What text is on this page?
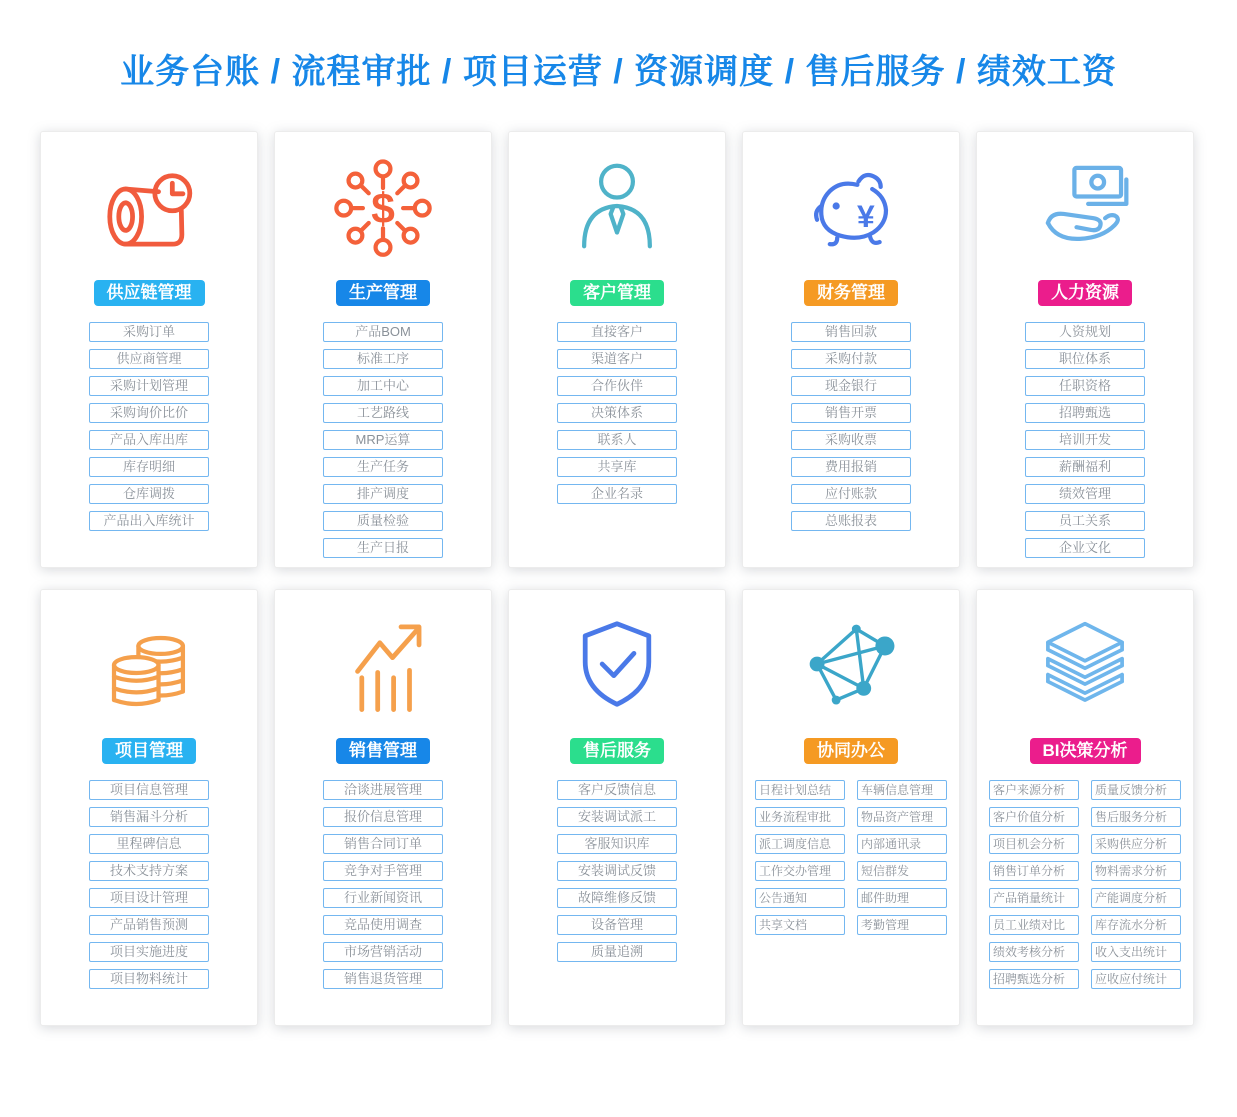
业务台账 / 流程审批 / 项目运营 / 资源调度 / 售后服务 / 绩效工资
供应链管理
采购订单
供应商管理
采购计划管理
采购询价比价
产品入库出库
库存明细
仓库调拨
产品出入库统计
$
生产管理
产品BOM
标准工序
加工中心
工艺路线
MRP运算
生产任务
排产调度
质量检验
生产日报
客户管理
直接客户
渠道客户
合作伙伴
决策体系
联系人
共享库
企业名录
¥
财务管理
销售回款
采购付款
现金银行
销售开票
采购收票
费用报销
应付账款
总账报表
人力资源
人资规划
职位体系
任职资格
招聘甄选
培训开发
薪酬福利
绩效管理
员工关系
企业文化
项目管理
项目信息管理
销售漏斗分析
里程碑信息
技术支持方案
项目设计管理
产品销售预测
项目实施进度
项目物料统计
销售管理
洽谈进展管理
报价信息管理
销售合同订单
竞争对手管理
行业新闻资讯
竞品使用调查
市场营销活动
销售退货管理
售后服务
客户反馈信息
安装调试派工
客服知识库
安装调试反馈
故障维修反馈
设备管理
质量追溯
协同办公
日程计划总结
业务流程审批
派工调度信息
工作交办管理
公告通知
共享文档
车辆信息管理
物品资产管理
内部通讯录
短信群发
邮件助理
考勤管理
BI决策分析
客户来源分析
客户价值分析
项目机会分析
销售订单分析
产品销量统计
员工业绩对比
绩效考核分析
招聘甄选分析
质量反馈分析
售后服务分析
采购供应分析
物料需求分析
产能调度分析
库存流水分析
收入支出统计
应收应付统计
